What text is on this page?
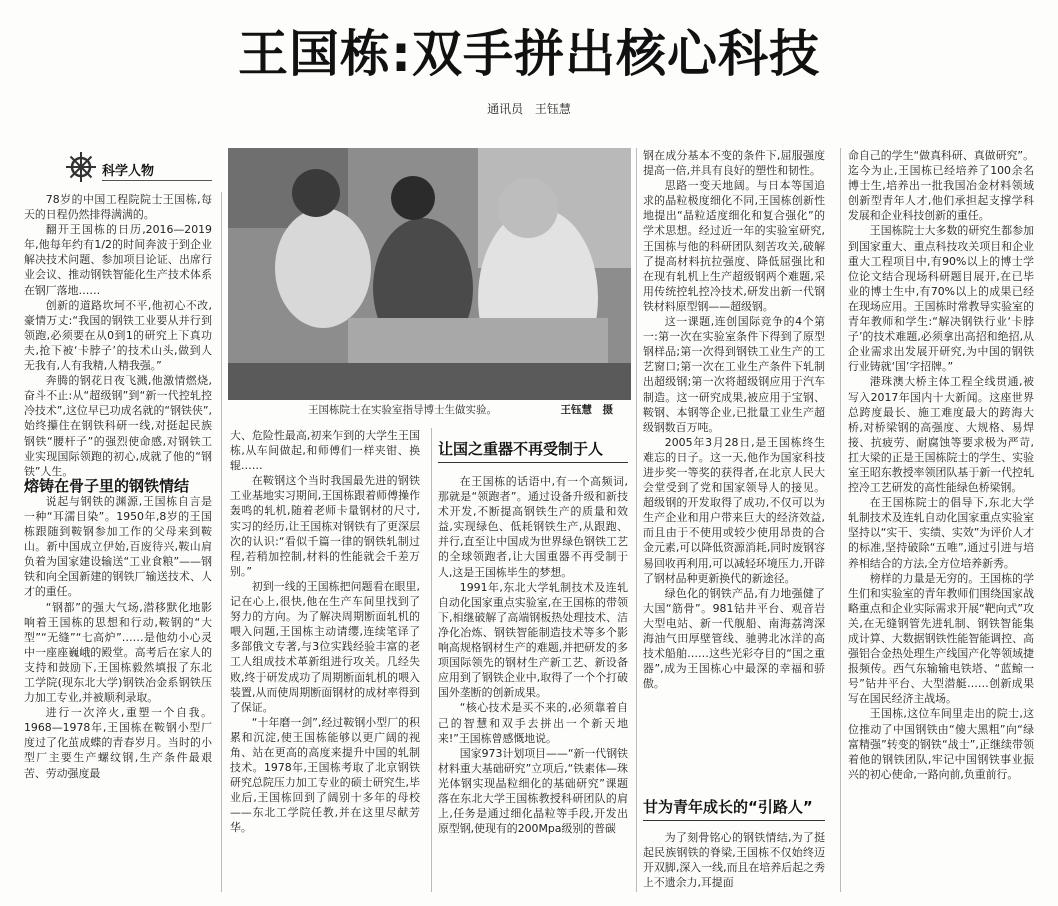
王国栋:双手拼出核心科技
通讯员 王钰慧
科学人物

78岁的中国工程院院士王国栋,每天的日程仍然排得满满的。

翻开王国栋的日历,2016—2019年,他每年约有1/2的时间奔波于到企业解决技术问题、参加项目论证、出席行业会议、推动钢铁智能化生产技术体系在钢厂落地……

创新的道路坎坷不平,他初心不改,豪情万丈:“我国的钢铁工业要从并行到领跑,必须要在从0到1的研究上下真功夫,抢下被‘卡脖子’的技术山头,做到人无我有,人有我精,人精我强。”

奔腾的钢花日夜飞溅,他激情燃烧,奋斗不止:从“超级钢”到“新一代控轧控冷技术”,这位早已功成名就的“钢铁侠”,始终攥住在钢铁科研一线,对挺起民族钢铁“腰杆子”的强烈使命感,对钢铁工业实现国际领跑的初心,成就了他的“钢铁”人生。

熔铸在骨子里的钢铁情结

说起与钢铁的渊源,王国栋自言是一种“耳濡目染”。1950年,8岁的王国栋跟随到鞍钢参加工作的父母来到鞍山。新中国成立伊始,百废待兴,鞍山肩负着为国家建设输送“工业食粮”——钢铁和向全国新建的钢铁厂输送技术、人才的重任。

“钢都”的强大气场,潜移默化地影响着王国栋的思想和行动,鞍钢的“大型”“无缝”“七高炉”……是他幼小心灵中一座座巍峨的殿堂。高考后在家人的支持和鼓励下,王国栋毅然填报了东北工学院(现东北大学)钢铁冶金系钢铁压力加工专业,并被顺利录取。

进行一次淬火,重塑一个自我。1968—1978年,王国栋在鞍钢小型厂度过了化茧成蝶的青春岁月。当时的小型厂主要生产螺纹钢,生产条件最艰苦、劳动强度最

王国栋院士在实验室指导博士生做实验。	王钰慧　摄

大、危险性最高,初来乍到的大学生王国栋,从车间做起,和师傅们一样夹钳、换辊……

在鞍钢这个当时我国最先进的钢铁工业基地实习期间,王国栋跟着师傅操作轰鸣的轧机,随着老师卡量钢材的尺寸,实习的经历,让王国栋对钢铁有了更深层次的认识:“看似千篇一律的钢铁轧制过程,若稍加控制,材料的性能就会千差万别。”

初到一线的王国栋把问题看在眼里,记在心上,很快,他在生产车间里找到了努力的方向。为了解决周期断面轧机的喂入问题,王国栋主动请缨,连续笔译了多部俄文专著,与3位实践经验丰富的老工人组成技术革新组进行攻关。几经失败,终于研发成功了周期断面轧机的喂入装置,从而使周期断面钢材的成材率得到了保证。

“十年磨一剑”,经过鞍钢小型厂的积累和沉淀,使王国栋能够以更广阔的视角、站在更高的高度来提升中国的轧制技术。1978年,王国栋考取了北京钢铁研究总院压力加工专业的硕士研究生,毕业后,王国栋回到了阔别十多年的母校——东北工学院任教,并在这里尽献芳华。

让国之重器不再受制于人

在王国栋的话语中,有一个高频词,那就是“领跑者”。通过设备升级和新技术开发,不断提高钢铁生产的质量和效益,实现绿色、低耗钢铁生产,从跟跑、并行,直至让中国成为世界绿色钢铁工艺的全球领跑者,让大国重器不再受制于人,这是王国栋毕生的梦想。

1991年,东北大学轧制技术及连轧自动化国家重点实验室,在王国栋的带领下,相继破解了高端钢板热处理技术、洁净化冶炼、钢铁智能制造技术等多个影响高规格钢材生产的难题,并把研发的多项国际领先的钢材生产新工艺、新设备应用到了钢铁企业中,取得了一个个打破国外垄断的创新成果。

“核心技术是买不来的,必须靠着自己的智慧和双手去拼出一个新天地来!”王国栋曾感慨地说。

国家973计划项目——“新一代钢铁材料重大基础研究”立项后,“铁素体—珠光体钢实现晶粒细化的基础研究”课题落在东北大学王国栋教授科研团队的肩上,任务是通过细化晶粒等手段,开发出原型钢,使现有的200Mpa级别的普碳

钢在成分基本不变的条件下,屈服强度提高一倍,并具有良好的塑性和韧性。

思路一变天地阔。与日本等国追求的晶粒极度细化不同,王国栋创新性地提出“晶粒适度细化和复合强化”的学术思想。经过近一年的实验室研究,王国栋与他的科研团队刻苦攻关,破解了提高材料抗拉强度、降低屈强比和在现有轧机上生产超级钢两个难题,采用传统控轧控冷技术,研发出新一代钢铁材料原型钢——超级钢。

这一课题,连创国际竞争的4个第一:第一次在实验室条件下得到了原型钢样品;第一次得到钢铁工业生产的工艺窗口;第一次在工业生产条件下轧制出超级钢;第一次将超级钢应用于汽车制造。这一研究成果,被应用于宝钢、鞍钢、本钢等企业,已批量工业生产超级钢数百万吨。

2005年3月28日,是王国栋终生难忘的日子。这一天,他作为国家科技进步奖一等奖的获得者,在北京人民大会堂受到了党和国家领导人的接见。超级钢的开发取得了成功,不仅可以为生产企业和用户带来巨大的经济效益,而且由于不使用或较少使用昂贵的合金元素,可以降低资源消耗,同时废钢容易回收再利用,可以减轻环境压力,开辟了钢材品种更新换代的新途径。

绿色化的钢铁产品,有力地强健了大国“筋骨”。981钻井平台、观音岩大型电站、新一代舰船、南海荔湾深海油气田厚壁管线、驰骋北冰洋的高技术船舶……这些光彩夺目的“国之重器”,成为王国栋心中最深的幸福和骄傲。

甘为青年成长的“引路人”

为了刻骨铭心的钢铁情结,为了挺起民族钢铁的脊梁,王国栋不仅始终迈开双脚,深入一线,而且在培养后起之秀上不遗余力,耳提面

命自己的学生“做真科研、真做研究”。迄今为止,王国栋已经培养了100余名博士生,培养出一批我国冶金材料领域创新型青年人才,他们承担起支撑学科发展和企业科技创新的重任。

王国栋院士大多数的研究生都参加到国家重大、重点科技攻关项目和企业重大工程项目中,有90%以上的博士学位论文结合现场科研题目展开,在已毕业的博士生中,有70%以上的成果已经在现场应用。王国栋时常教导实验室的青年教师和学生:“解决钢铁行业‘卡脖子’的技术难题,必须拿出高招和绝招,从企业需求出发展开研究,为中国的钢铁行业铸就‘国’字招牌。”

港珠澳大桥主体工程全线贯通,被写入2017年国内十大新闻。这座世界总跨度最长、施工难度最大的跨海大桥,对桥梁钢的高强度、大规格、易焊接、抗疲劳、耐腐蚀等要求极为严苛,扛大梁的正是王国栋院士的学生、实验室王昭东教授率领团队基于新一代控轧控冷工艺研发的高性能绿色桥梁钢。

在王国栋院士的倡导下,东北大学轧制技术及连轧自动化国家重点实验室坚持以“实干、实绩、实效”为评价人才的标准,坚持破除“五唯”,通过引进与培养相结合的方法,全方位培养新秀。

榜样的力量是无穷的。王国栋的学生们和实验室的青年教师们围绕国家战略重点和企业实际需求开展“靶向式”攻关,在无缝钢管先进轧制、钢铁智能集成计算、大数据钢铁性能智能调控、高强铝合金热处理生产线国产化等领域捷报频传。西气东输输电铁塔、“蓝鲸一号”钻井平台、大型潜艇……创新成果写在国民经济主战场。

王国栋,这位车间里走出的院士,这位推动了中国钢铁由“傻大黑粗”向“绿富精强”转变的钢铁“战士”,正继续带领着他的钢铁团队,牢记中国钢铁事业振兴的初心使命,一路向前,负重前行。
